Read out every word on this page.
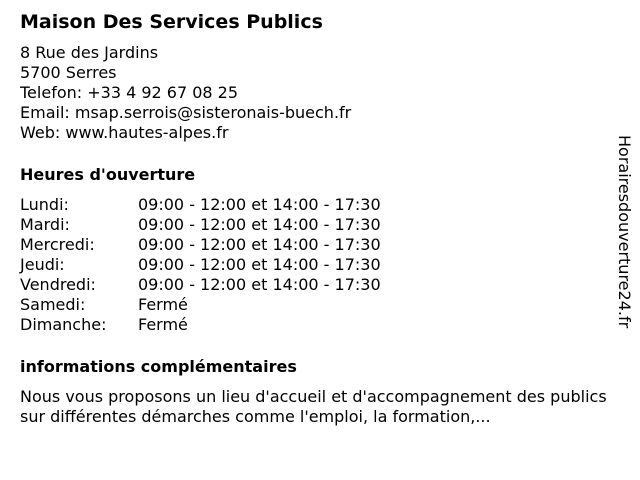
Maison Des Services Publics
8 Rue des Jardins
5700 Serres
Telefon: +33 4 92 67 08 25
Email: msap.serrois@sisteronais-buech.fr
Web: www.hautes-alpes.fr
Heures d'ouverture
Lundi:	09:00 - 12:00 et 14:00 - 17:30
Mardi:	09:00 - 12:00 et 14:00 - 17:30
Mercredi:	09:00 - 12:00 et 14:00 - 17:30
Jeudi:	09:00 - 12:00 et 14:00 - 17:30
Vendredi:	09:00 - 12:00 et 14:00 - 17:30
Samedi:	Fermé
Dimanche:	Fermé
informations complémentaires
Nous vous proposons un lieu d'accueil et d'accompagnement des publics sur différentes démarches comme l'emploi, la formation,...
Horairesdouverture24.fr
